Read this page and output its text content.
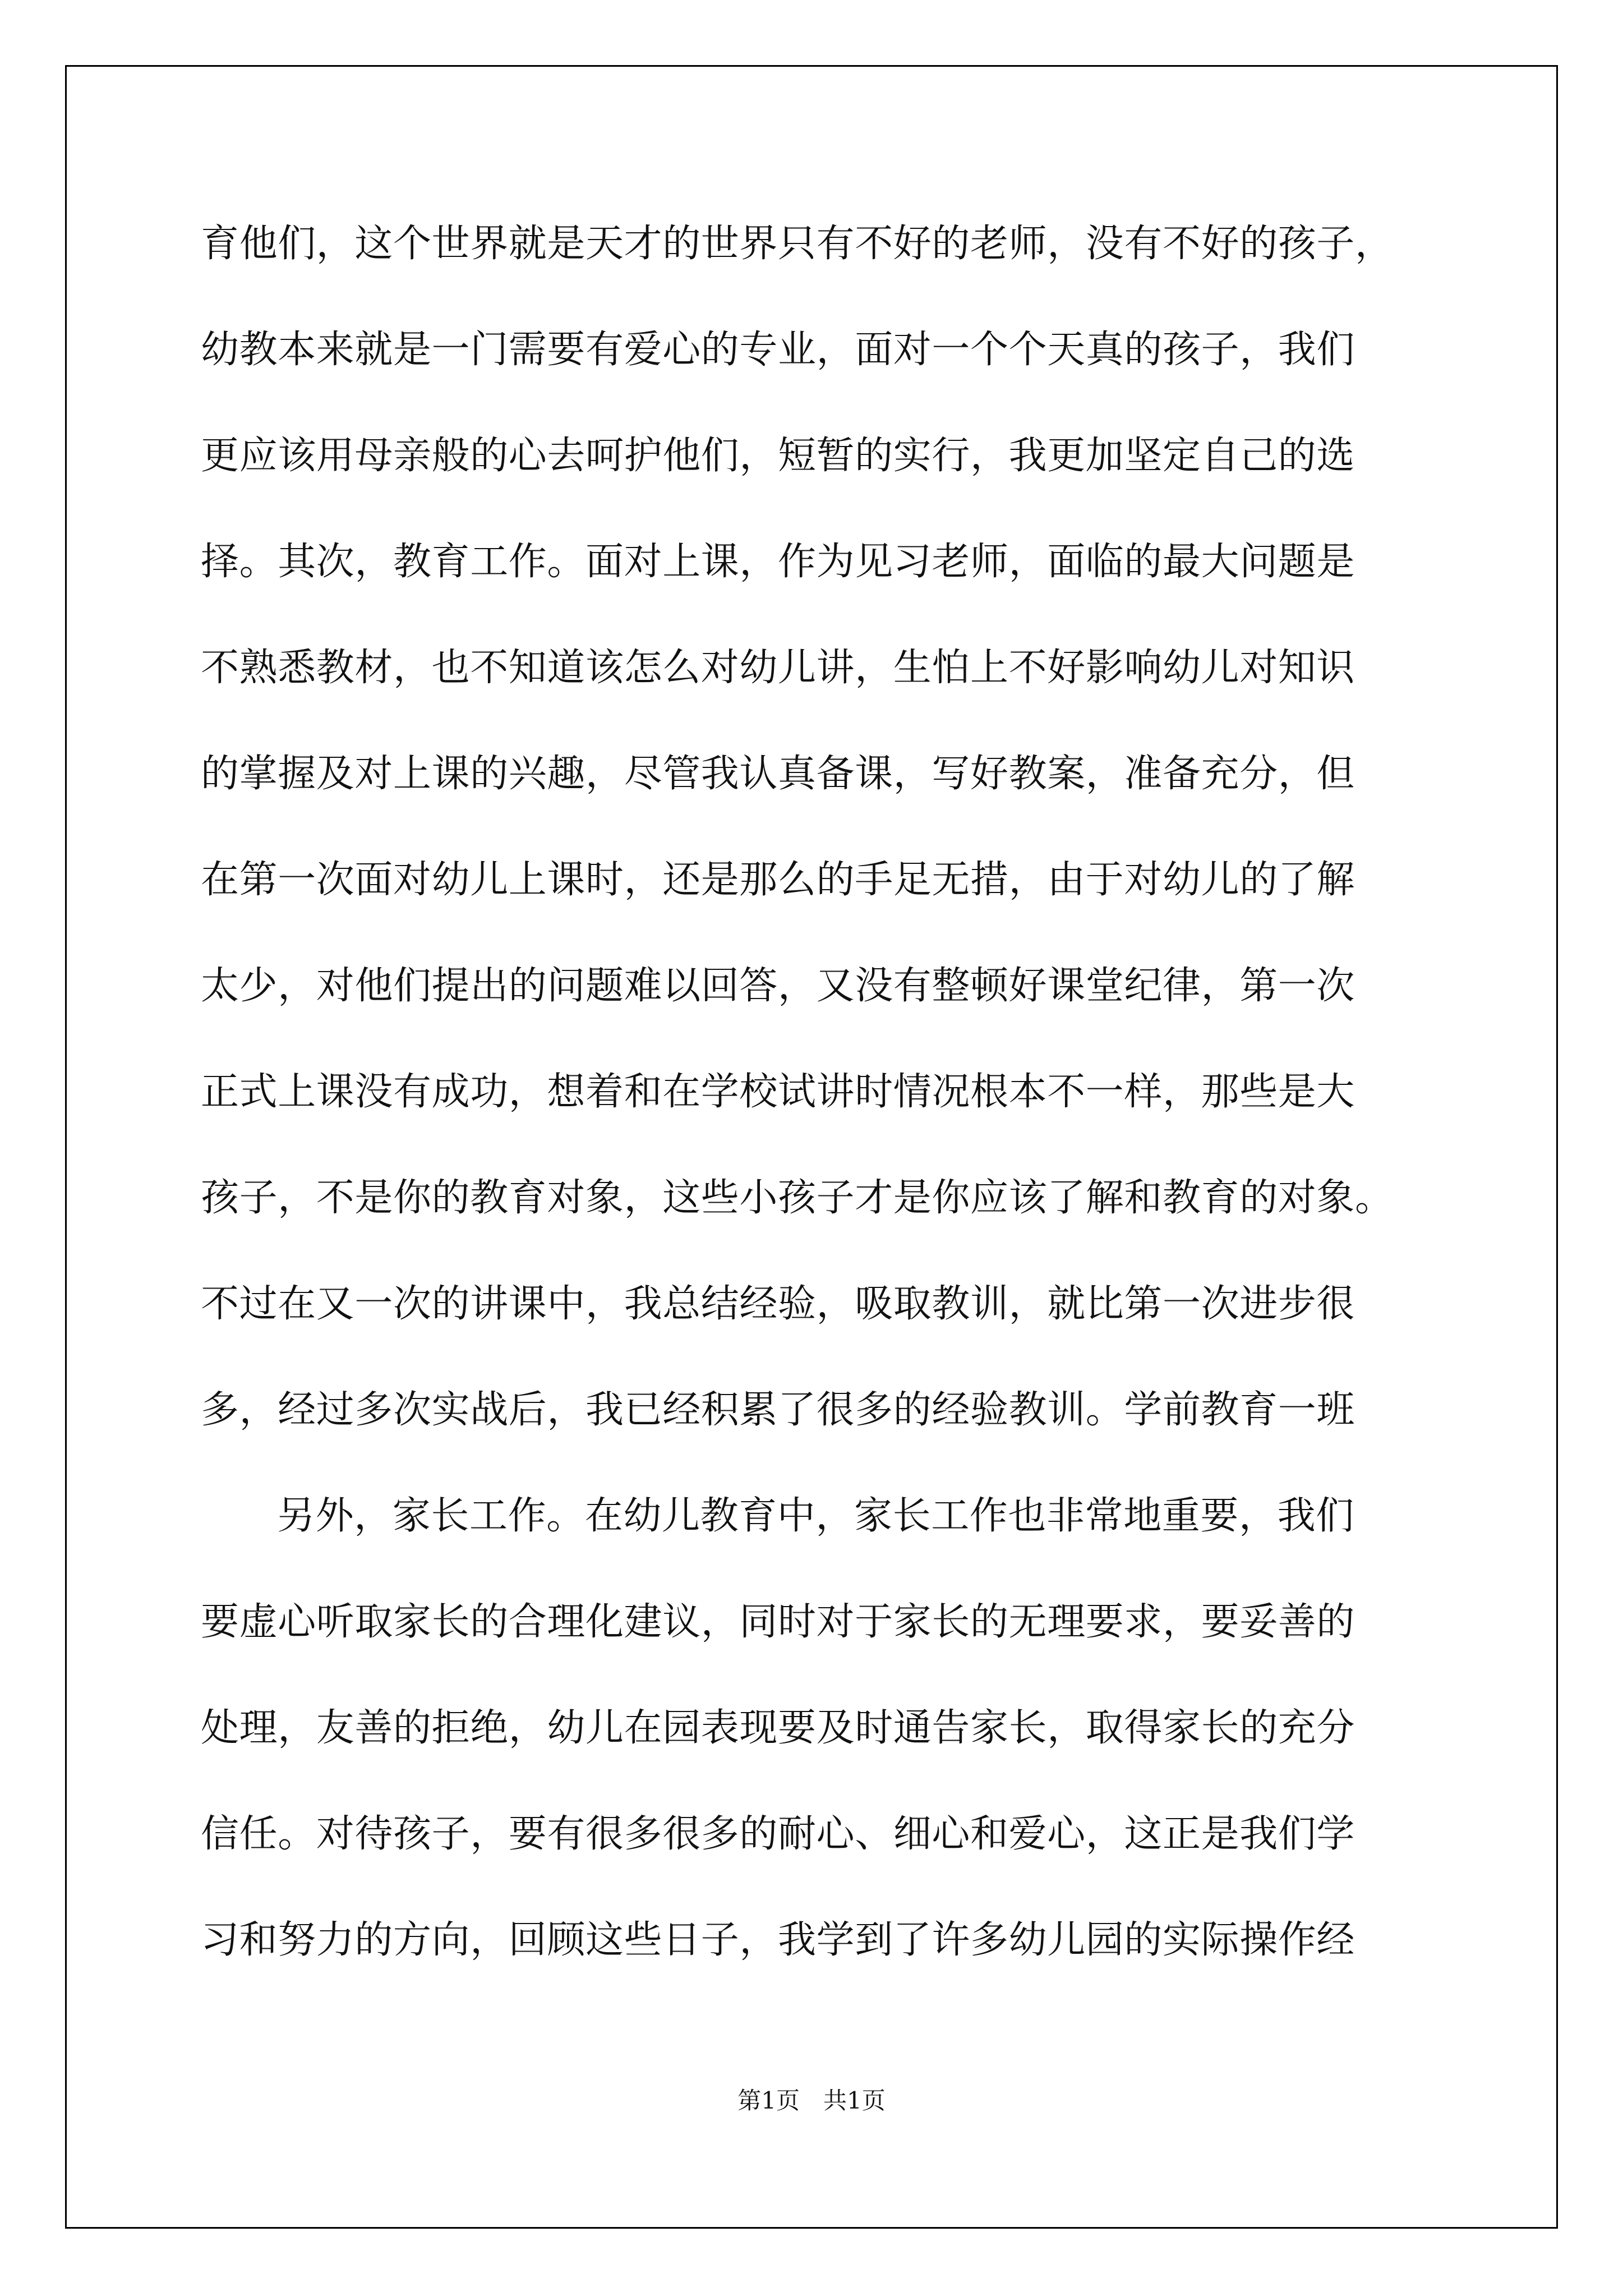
育他们，这个世界就是天才的世界只有不好的老师，没有不好的孩子，
幼教本来就是一门需要有爱心的专业，面对一个个天真的孩子，我们
更应该用母亲般的心去呵护他们，短暂的实行，我更加坚定自己的选
择。其次，教育工作。面对上课，作为见习老师，面临的最大问题是
不熟悉教材，也不知道该怎么对幼儿讲，生怕上不好影响幼儿对知识
的掌握及对上课的兴趣，尽管我认真备课，写好教案，准备充分，但
在第一次面对幼儿上课时，还是那么的手足无措，由于对幼儿的了解
太少，对他们提出的问题难以回答，又没有整顿好课堂纪律，第一次
正式上课没有成功，想着和在学校试讲时情况根本不一样，那些是大
孩子，不是你的教育对象，这些小孩子才是你应该了解和教育的对象。
不过在又一次的讲课中，我总结经验，吸取教训，就比第一次进步很
多，经过多次实战后，我已经积累了很多的经验教训。学前教育一班
另外，家长工作。在幼儿教育中，家长工作也非常地重要，我们
要虚心听取家长的合理化建议，同时对于家长的无理要求，要妥善的
处理，友善的拒绝，幼儿在园表现要及时通告家长，取得家长的充分
信任。对待孩子，要有很多很多的耐心、细心和爱心，这正是我们学
习和努力的方向，回顾这些日子，我学到了许多幼儿园的实际操作经
第1页　共1页
